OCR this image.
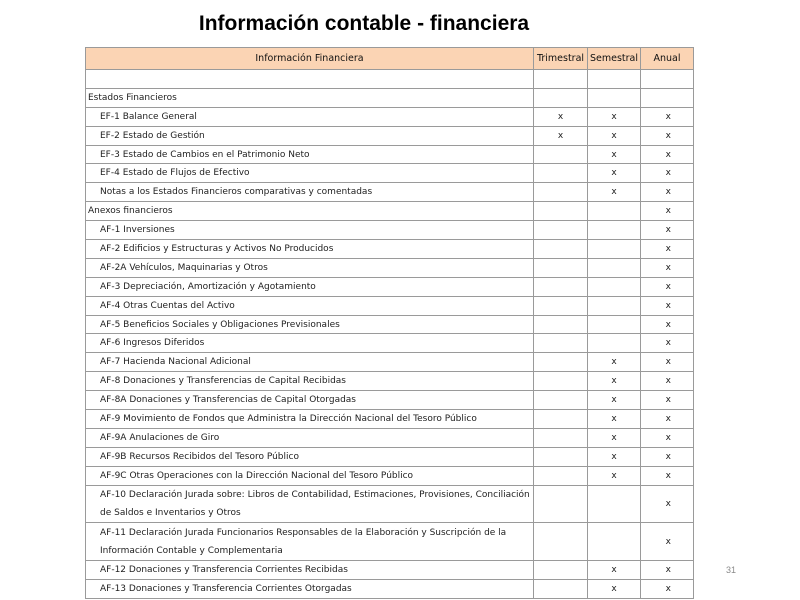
Información contable - financiera
Información Financiera	Trimestral	Semestral	Anual

Estados Financieros			
EF-1 Balance General	x	x	x
EF-2 Estado de Gestión	x	x	x
EF-3 Estado de Cambios en el Patrimonio Neto		x	x
EF-4 Estado de Flujos de Efectivo		x	x
Notas a los Estados Financieros comparativas y comentadas		x	x
Anexos financieros			x
AF-1 Inversiones			x
AF-2 Edificios y Estructuras y Activos No Producidos			x
AF-2A Vehículos, Maquinarias y Otros			x
AF-3 Depreciación, Amortización y Agotamiento			x
AF-4 Otras Cuentas del Activo			x
AF-5 Beneficios Sociales y Obligaciones Previsionales			x
AF-6 Ingresos Diferidos			x
AF-7 Hacienda Nacional Adicional		x	x
AF-8 Donaciones y Transferencias de Capital Recibidas		x	x
AF-8A Donaciones y Transferencias de Capital Otorgadas		x	x
AF-9 Movimiento de Fondos que Administra la Dirección Nacional del Tesoro Público		x	x
AF-9A Anulaciones de Giro		x	x
AF-9B Recursos Recibidos del Tesoro Público		x	x
AF-9C Otras Operaciones con la Dirección Nacional del Tesoro Público		x	x
AF-10 Declaración Jurada sobre: Libros de Contabilidad, Estimaciones, Provisiones, Conciliación de Saldos e Inventarios y Otros			x
AF-11 Declaración Jurada Funcionarios Responsables de la Elaboración y Suscripción de la Información Contable y Complementaria			x
AF-12 Donaciones y Transferencia Corrientes Recibidas		x	x
AF-13 Donaciones y Transferencia Corrientes Otorgadas		x	x
31
